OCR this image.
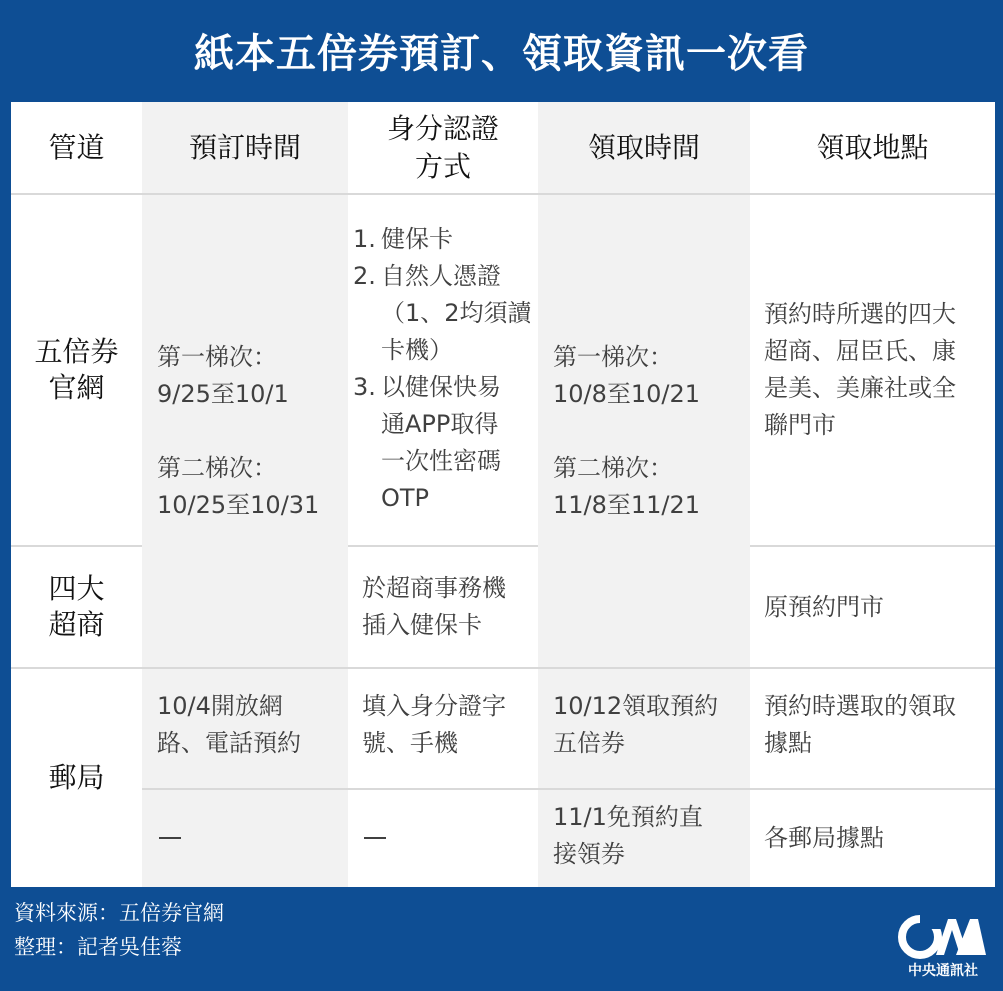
紙本五倍券預訂、領取資訊一次看
管道	預訂時間
身分認證
方式
領取時間	領取地點
五倍券
官網
四大
超商
郵局
第一梯次：
9/25至10/1
第二梯次：
10/25至10/31
1. 健保卡
2. 自然人憑證
（1、2均須讀
卡機）
3. 以健保快易
通APP取得
一次性密碼
OTP
於超商事務機
插入健保卡
第一梯次：
10/8至10/21
第二梯次：
11/8至11/21
預約時所選的四大
超商、屈臣氏、康
是美、美廉社或全
聯門市
原預約門市
10/4開放網
路、電話預約
填入身分證字
號、手機
10/12領取預約
五倍券
預約時選取的領取
據點
11/1免預約直
接領券
各郵局據點
資料來源：五倍券官網
整理：記者吳佳蓉
中央通訊社
